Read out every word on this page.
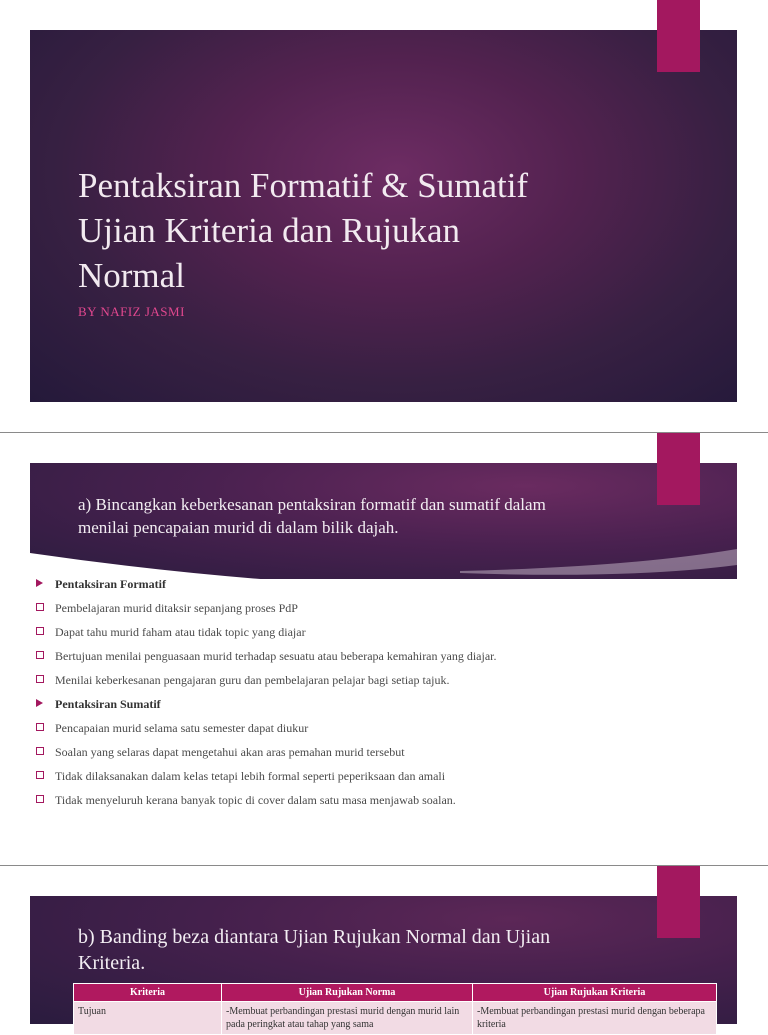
Pentaksiran Formatif & Sumatif
Ujian Kriteria dan Rujukan
Normal

BY NAFIZ JASMI

a) Bincangkan keberkesanan pentaksiran formatif dan sumatif dalam
menilai pencapaian murid di dalam bilik dajah.
Pentaksiran Formatif
Pembelajaran murid ditaksir sepanjang proses PdP
Dapat tahu murid faham atau tidak topic yang diajar
Bertujuan menilai penguasaan murid terhadap sesuatu atau beberapa kemahiran yang diajar.
Menilai keberkesanan pengajaran guru dan pembelajaran pelajar bagi setiap tajuk.
Pentaksiran Sumatif
Pencapaian murid selama satu semester dapat diukur
Soalan yang selaras dapat mengetahui akan aras pemahan murid tersebut
Tidak dilaksanakan dalam kelas tetapi lebih formal seperti peperiksaan dan amali
Tidak menyeluruh kerana banyak topic di cover dalam satu masa menjawab soalan.
b) Banding beza diantara Ujian Rujukan Normal dan Ujian
Kriteria.
Kriteria	Ujian Rujukan Norma	Ujian Rujukan Kriteria
Tujuan	-Membuat perbandingan prestasi murid dengan murid lain pada peringkat atau tahap yang sama	-Membuat perbandingan prestasi murid dengan beberapa kriteria
